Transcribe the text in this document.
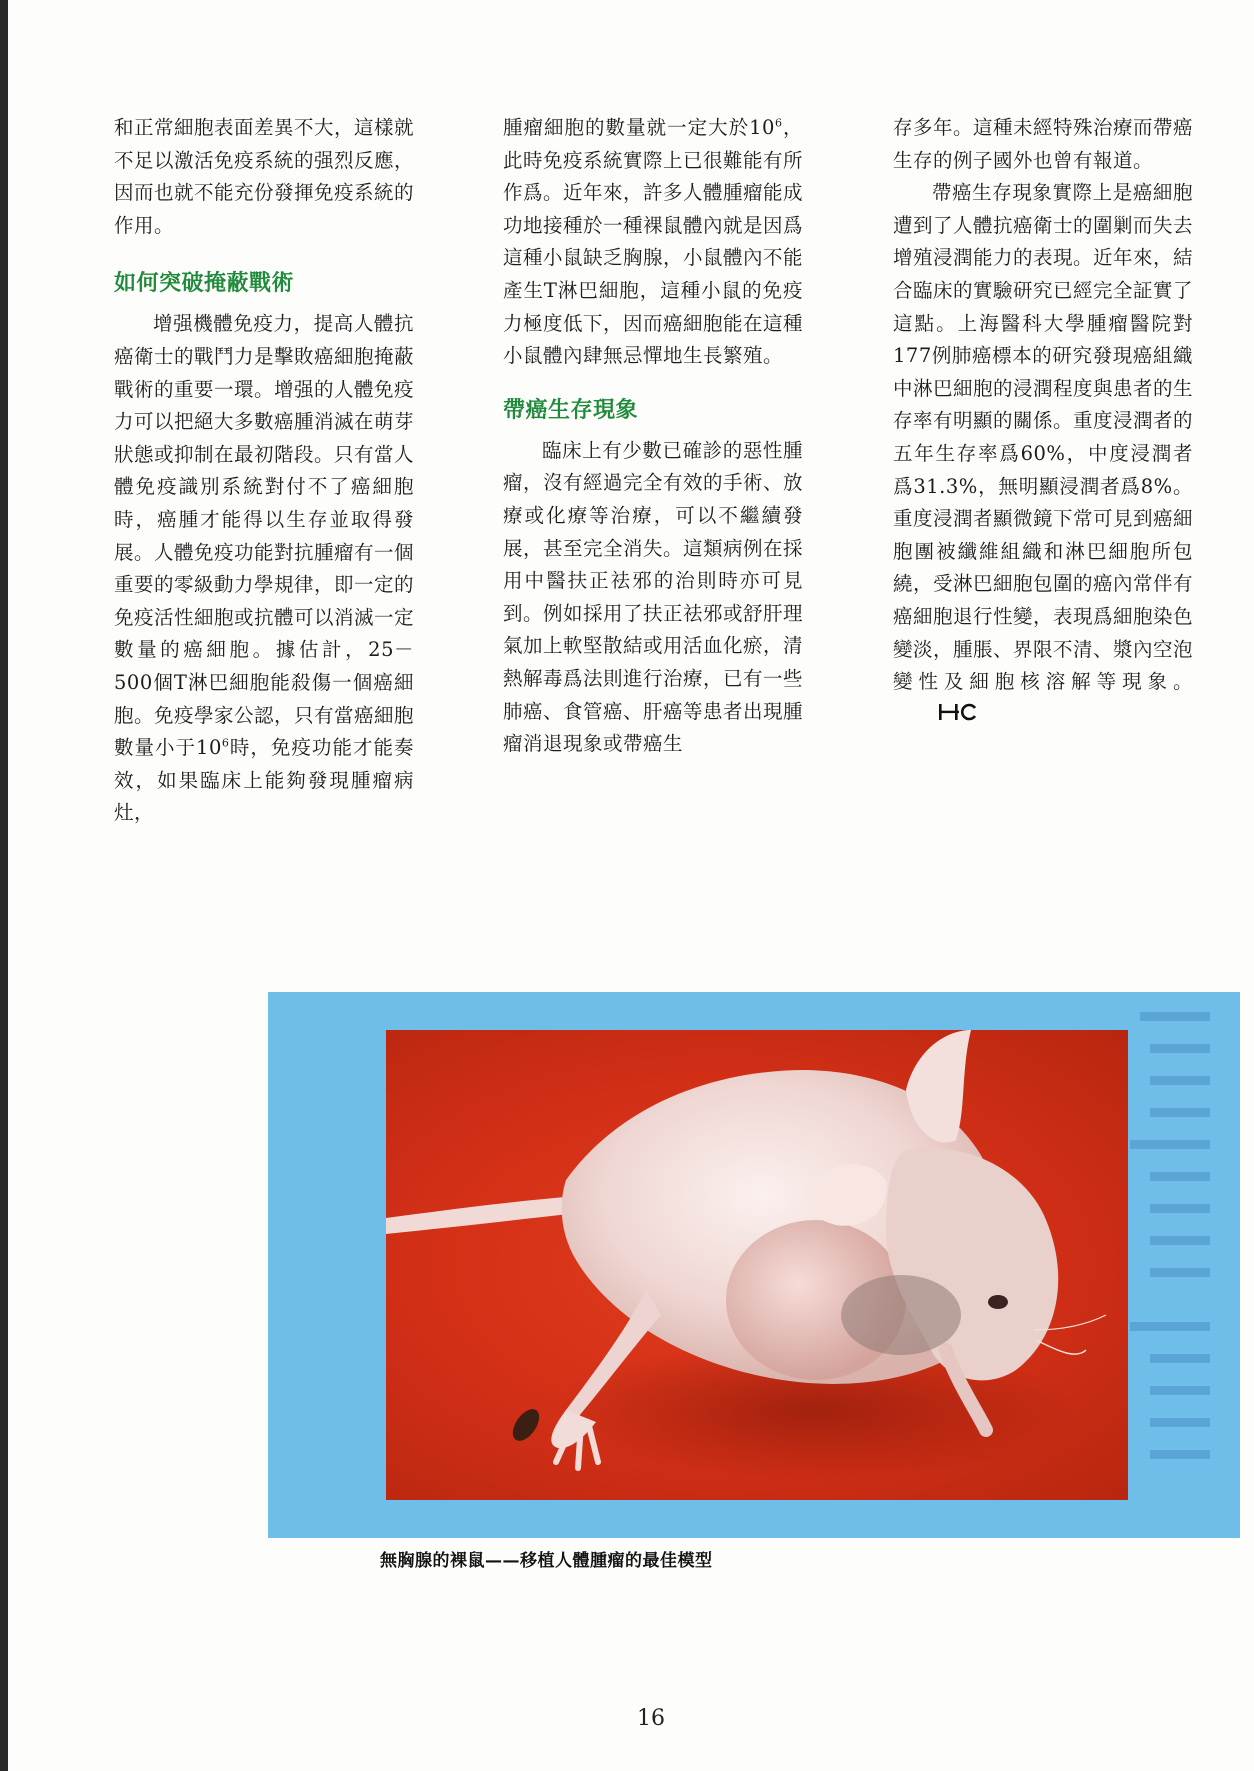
和正常細胞表面差異不大，這樣就不足以激活免疫系統的强烈反應，因而也就不能充份發揮免疫系統的作用。

如何突破掩蔽戰術

增强機體免疫力，提高人體抗癌衛士的戰鬥力是擊敗癌細胞掩蔽戰術的重要一環。增强的人體免疫力可以把絕大多數癌腫消滅在萌芽狀態或抑制在最初階段。只有當人體免疫識別系統對付不了癌細胞時，癌腫才能得以生存並取得發展。人體免疫功能對抗腫瘤有一個重要的零級動力學規律，即一定的免疫活性細胞或抗體可以消滅一定數量的癌細胞。據估計，25－500個T淋巴細胞能殺傷一個癌細胞。免疫學家公認，只有當癌細胞數量小于$10^6$時，免疫功能才能奏效，如果臨床上能夠發現腫瘤病灶，

腫瘤細胞的數量就一定大於$10^6$，此時免疫系統實際上已很難能有所作爲。近年來，許多人體腫瘤能成功地接種於一種裸鼠體內就是因爲這種小鼠缺乏胸腺，小鼠體內不能產生T淋巴細胞，這種小鼠的免疫力極度低下，因而癌細胞能在這種小鼠體內肆無忌憚地生長繁殖。

帶癌生存現象

臨床上有少數已確診的惡性腫瘤，沒有經過完全有效的手術、放療或化療等治療，可以不繼續發展，甚至完全消失。這類病例在採用中醫扶正祛邪的治則時亦可見到。例如採用了扶正祛邪或舒肝理氣加上軟堅散結或用活血化瘀，清熱解毒爲法則進行治療，已有一些肺癌、食管癌、肝癌等患者出現腫瘤消退現象或帶癌生

存多年。這種未經特殊治療而帶癌生存的例子國外也曾有報道。

帶癌生存現象實際上是癌細胞遭到了人體抗癌衛士的圍剿而失去增殖浸潤能力的表現。近年來，結合臨床的實驗研究已經完全証實了這點。上海醫科大學腫瘤醫院對177例肺癌標本的研究發現癌組織中淋巴細胞的浸潤程度與患者的生存率有明顯的關係。重度浸潤者的五年生存率爲60%，中度浸潤者爲31.3%，無明顯浸潤者爲8%。重度浸潤者顯微鏡下常可見到癌細胞團被纖維組織和淋巴細胞所包繞，受淋巴細胞包圍的癌內常伴有癌細胞退行性變，表現爲細胞染色變淡，腫脹、界限不清、漿內空泡變性及細胞核溶解等現象。

無胸腺的裸鼠——移植人體腫瘤的最佳模型
16
